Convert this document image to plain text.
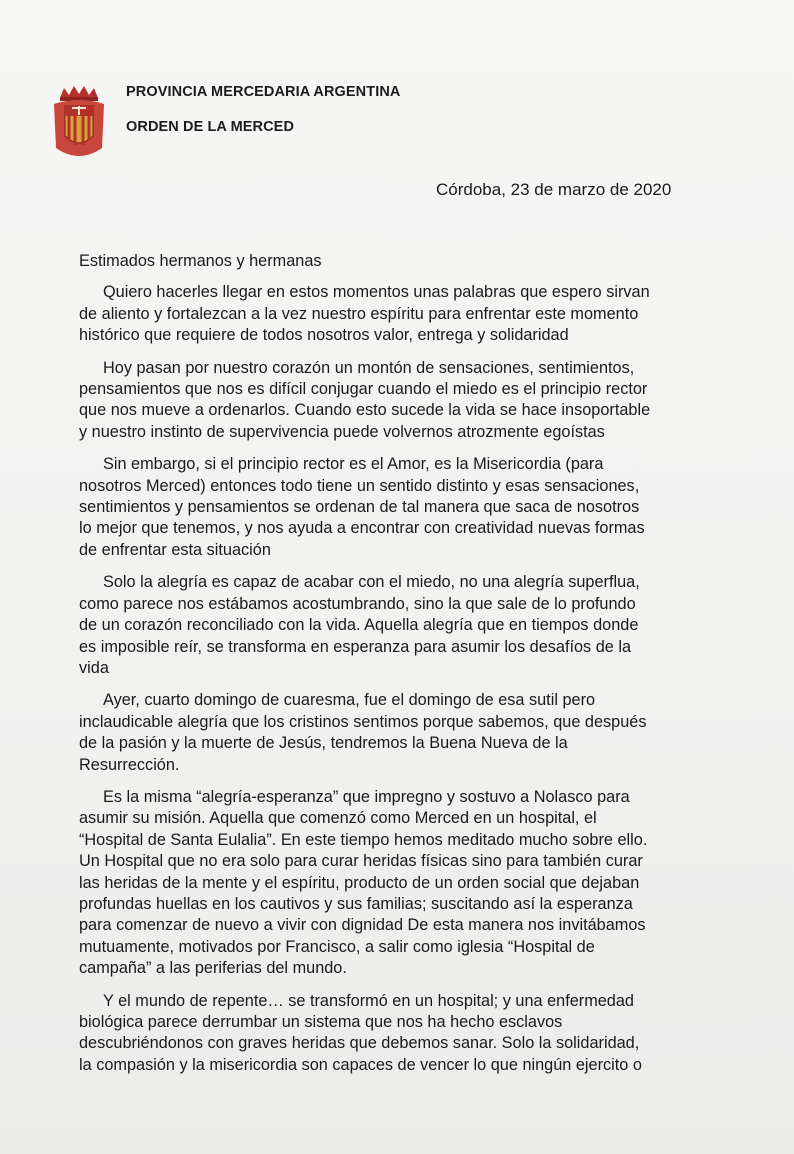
PROVINCIA MERCEDARIA ARGENTINA
ORDEN DE LA MERCED
Córdoba, 23 de marzo de 2020
Estimados hermanos y hermanas
Quiero hacerles llegar en estos momentos unas palabras que espero sirvan
de aliento y fortalezcan a la vez nuestro espíritu para enfrentar este momento
histórico que requiere de todos nosotros valor, entrega y solidaridad
Hoy pasan por nuestro corazón un montón de sensaciones, sentimientos,
pensamientos que nos es difícil conjugar cuando el miedo es el principio rector
que nos mueve a ordenarlos. Cuando esto sucede la vida se hace insoportable
y nuestro instinto de supervivencia puede volvernos atrozmente egoístas
Sin embargo, si el principio rector es el Amor, es la Misericordia (para
nosotros Merced) entonces todo tiene un sentido distinto y esas sensaciones,
sentimientos y pensamientos se ordenan de tal manera que saca de nosotros
lo mejor que tenemos, y nos ayuda a encontrar con creatividad nuevas formas
de enfrentar esta situación
Solo la alegría es capaz de acabar con el miedo, no una alegría superflua,
como parece nos estábamos acostumbrando, sino la que sale de lo profundo
de un corazón reconciliado con la vida. Aquella alegría que en tiempos donde
es imposible reír, se transforma en esperanza para asumir los desafíos de la
vida
Ayer, cuarto domingo de cuaresma, fue el domingo de esa sutil pero
inclaudicable alegría que los cristinos sentimos porque sabemos, que después
de la pasión y la muerte de Jesús, tendremos la Buena Nueva de la
Resurrección.
Es la misma “alegría-esperanza” que impregno y sostuvo a Nolasco para
asumir su misión. Aquella que comenzó como Merced en un hospital, el
“Hospital de Santa Eulalia”. En este tiempo hemos meditado mucho sobre ello.
Un Hospital que no era solo para curar heridas físicas sino para también curar
las heridas de la mente y el espíritu, producto de un orden social que dejaban
profundas huellas en los cautivos y sus familias; suscitando así la esperanza
para comenzar de nuevo a vivir con dignidad De esta manera nos invitábamos
mutuamente, motivados por Francisco, a salir como iglesia “Hospital de
campaña” a las periferias del mundo.
Y el mundo de repente… se transformó en un hospital; y una enfermedad
biológica parece derrumbar un sistema que nos ha hecho esclavos
descubriéndonos con graves heridas que debemos sanar. Solo la solidaridad,
la compasión y la misericordia son capaces de vencer lo que ningún ejercito o
